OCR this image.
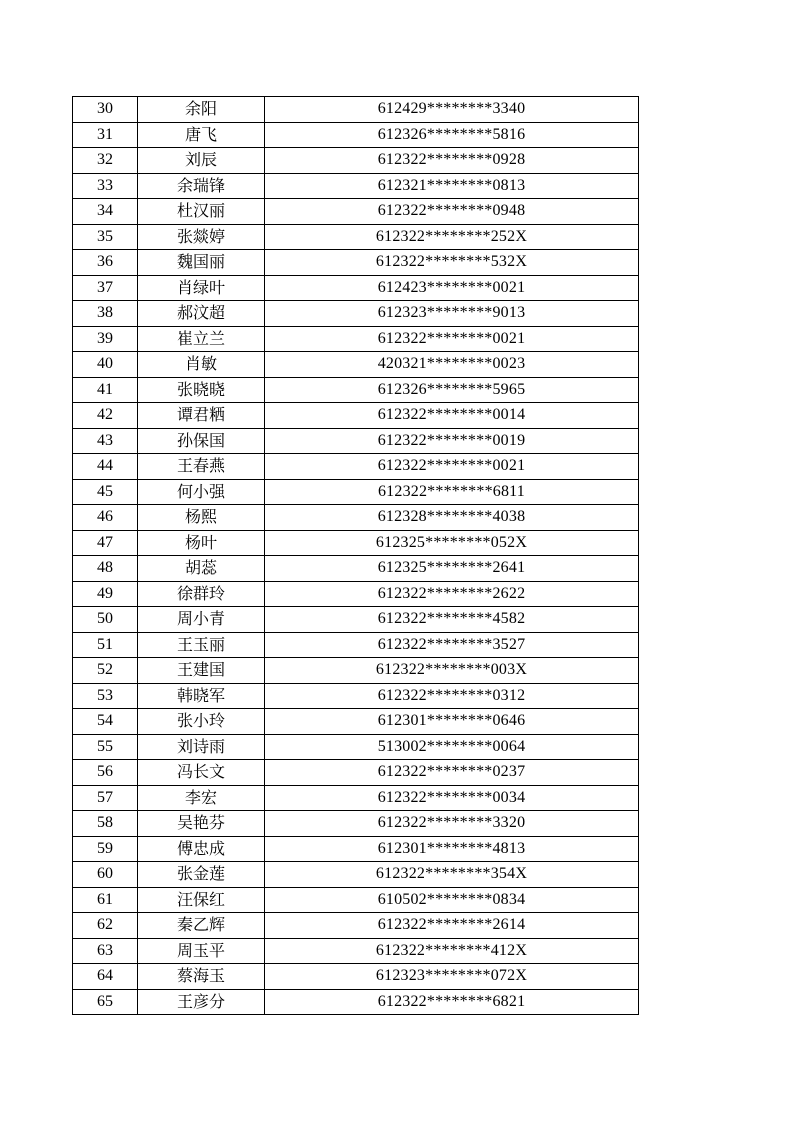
30	余阳	612429********3340
31	唐飞	612326********5816
32	刘辰	612322********0928
33	余瑞锋	612321********0813
34	杜汉丽	612322********0948
35	张燚婷	612322********252X
36	魏国丽	612322********532X
37	肖绿叶	612423********0021
38	郝汶超	612323********9013
39	崔立兰	612322********0021
40	肖敏	420321********0023
41	张晓晓	612326********5965
42	谭君粞	612322********0014
43	孙保国	612322********0019
44	王春燕	612322********0021
45	何小强	612322********6811
46	杨熙	612328********4038
47	杨叶	612325********052X
48	胡蕊	612325********2641
49	徐群玲	612322********2622
50	周小青	612322********4582
51	王玉丽	612322********3527
52	王建国	612322********003X
53	韩晓军	612322********0312
54	张小玲	612301********0646
55	刘诗雨	513002********0064
56	冯长文	612322********0237
57	李宏	612322********0034
58	吴艳芬	612322********3320
59	傅忠成	612301********4813
60	张金莲	612322********354X
61	汪保红	610502********0834
62	秦乙辉	612322********2614
63	周玉平	612322********412X
64	蔡海玉	612323********072X
65	王彦分	612322********6821
